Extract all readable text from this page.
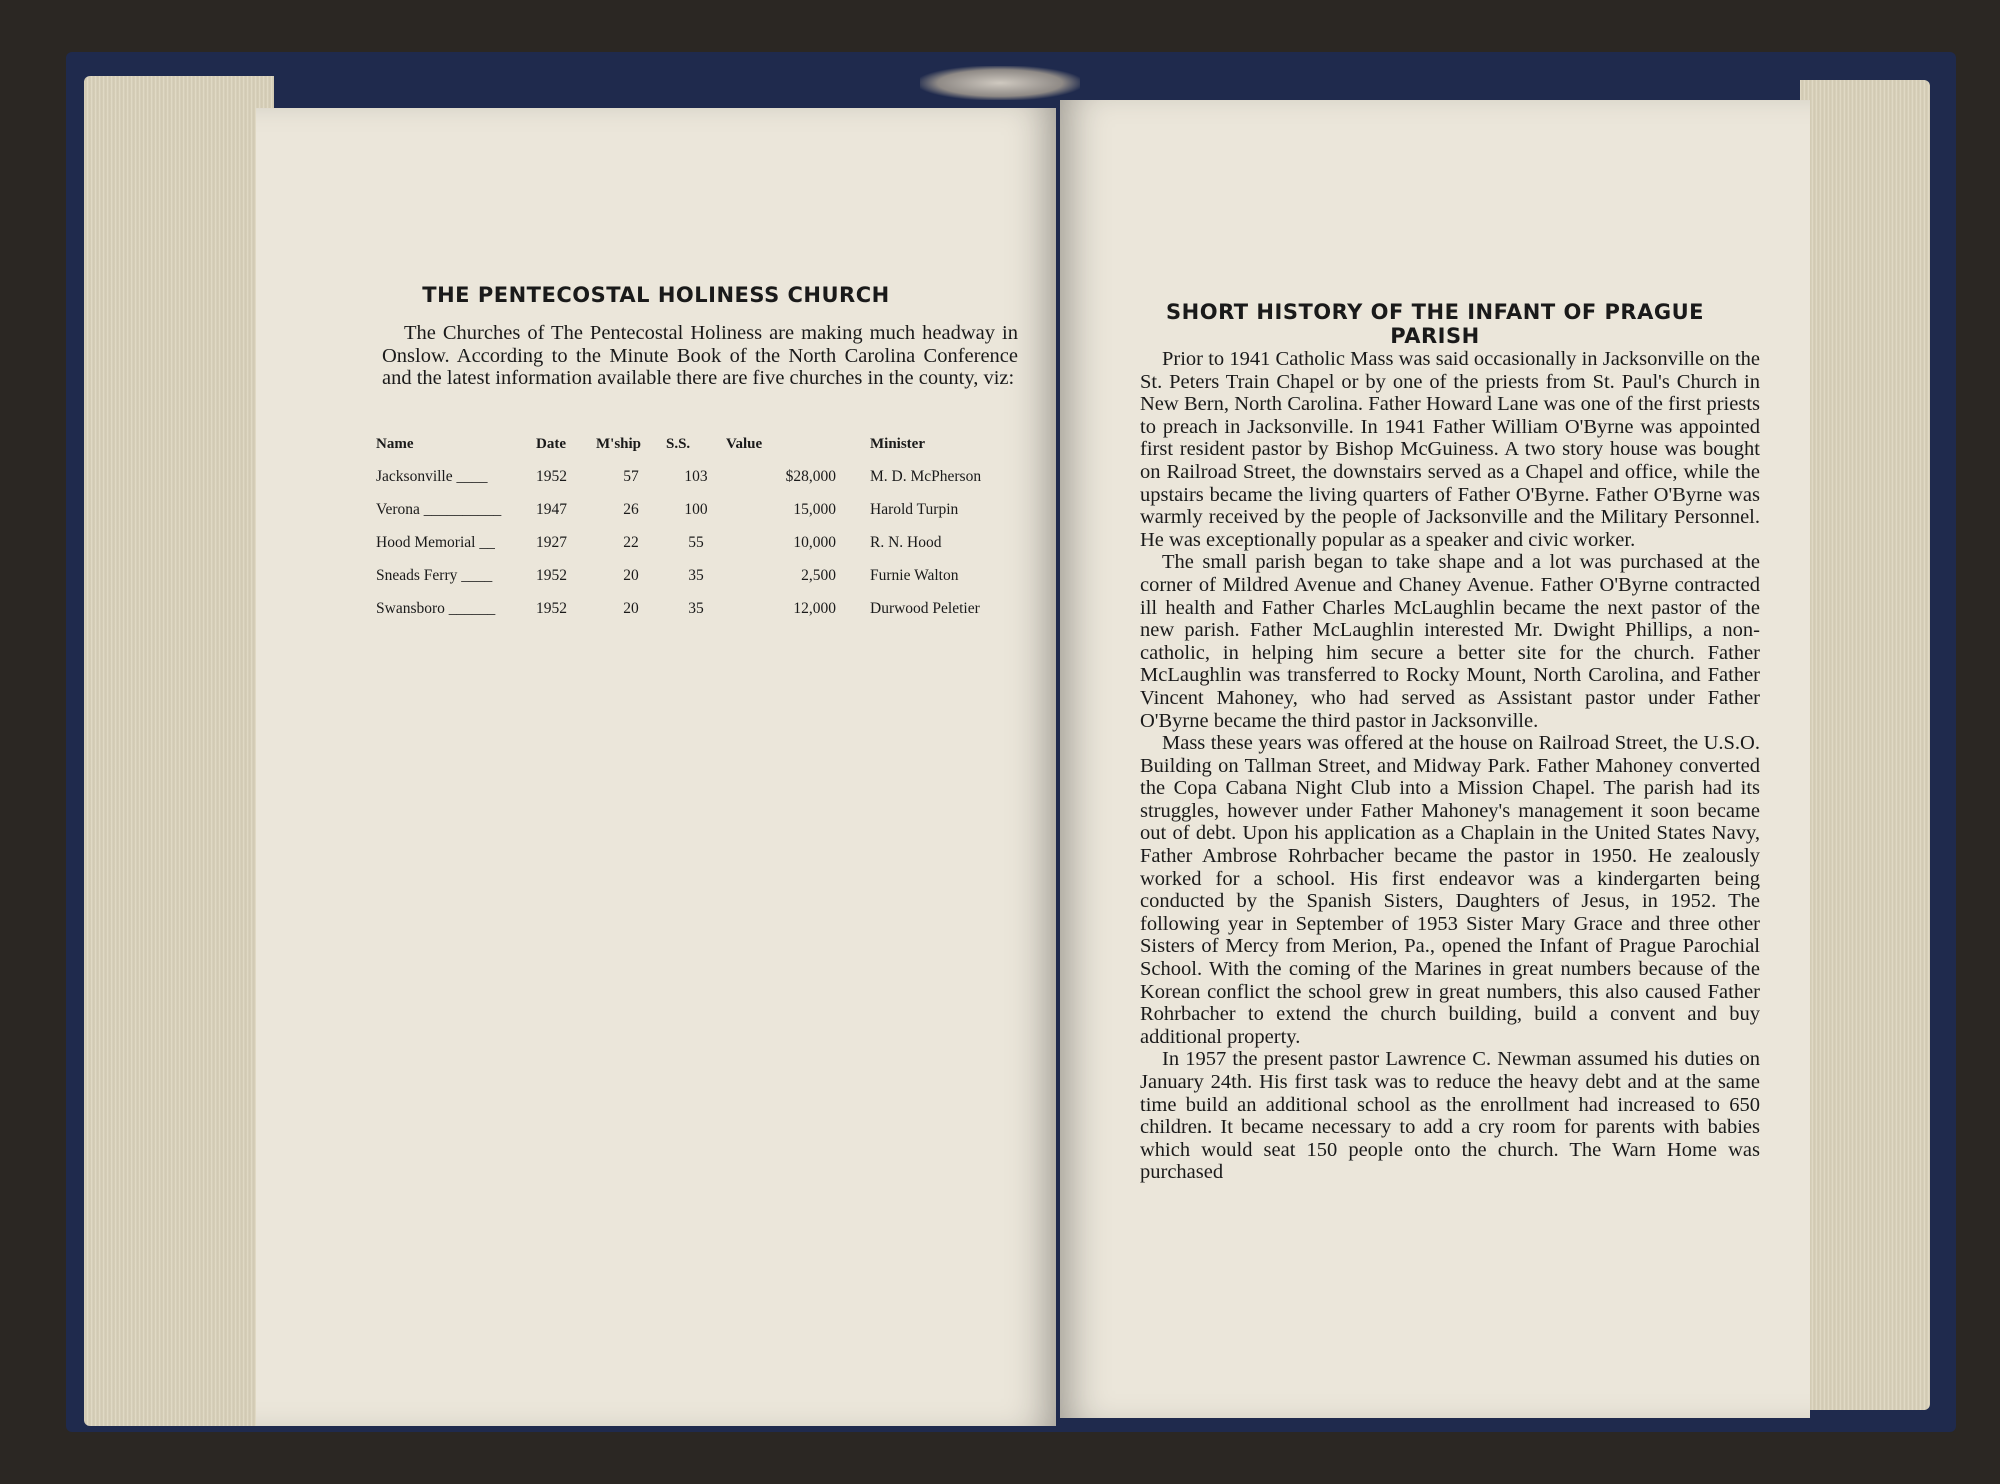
THE PENTECOSTAL HOLINESS CHURCH

The Churches of The Pentecostal Holiness are making much headway in Onslow. According to the Minute Book of the North Carolina Conference and the latest information available there are five churches in the county, viz:

Name	Date	M'ship	S.S.	Value	Minister
Jacksonville ____	1952	57	103	$28,000	M. D. McPherson
Verona __________	1947	26	100	15,000	Harold Turpin
Hood Memorial __	1927	22	55	10,000	R. N. Hood
Sneads Ferry ____	1952	20	35	2,500	Furnie Walton
Swansboro ______	1952	20	35	12,000	Durwood Peletier
SHORT HISTORY OF THE INFANT OF PRAGUE PARISH

Prior to 1941 Catholic Mass was said occasionally in Jacksonville on the St. Peters Train Chapel or by one of the priests from St. Paul's Church in New Bern, North Carolina. Father Howard Lane was one of the first priests to preach in Jacksonville. In 1941 Father William O'Byrne was appointed first resident pastor by Bishop McGuiness. A two story house was bought on Railroad Street, the downstairs served as a Chapel and office, while the upstairs became the living quarters of Father O'Byrne. Father O'Byrne was warmly received by the people of Jacksonville and the Military Personnel. He was exceptionally popular as a speaker and civic worker.

The small parish began to take shape and a lot was purchased at the corner of Mildred Avenue and Chaney Avenue. Father O'Byrne contracted ill health and Father Charles McLaughlin became the next pastor of the new parish. Father McLaughlin interested Mr. Dwight Phillips, a non-catholic, in helping him secure a better site for the church. Father McLaughlin was transferred to Rocky Mount, North Carolina, and Father Vincent Mahoney, who had served as Assistant pastor under Father O'Byrne became the third pastor in Jacksonville.

Mass these years was offered at the house on Railroad Street, the U.S.O. Building on Tallman Street, and Midway Park. Father Mahoney converted the Copa Cabana Night Club into a Mission Chapel. The parish had its struggles, however under Father Mahoney's management it soon became out of debt. Upon his application as a Chaplain in the United States Navy, Father Ambrose Rohrbacher became the pastor in 1950. He zealously worked for a school. His first endeavor was a kindergarten being conducted by the Spanish Sisters, Daughters of Jesus, in 1952. The following year in September of 1953 Sister Mary Grace and three other Sisters of Mercy from Merion, Pa., opened the Infant of Prague Parochial School. With the coming of the Marines in great numbers because of the Korean conflict the school grew in great numbers, this also caused Father Rohrbacher to extend the church building, build a convent and buy additional property.

In 1957 the present pastor Lawrence C. Newman assumed his duties on January 24th. His first task was to reduce the heavy debt and at the same time build an additional school as the enrollment had increased to 650 children. It became necessary to add a cry room for parents with babies which would seat 150 people onto the church. The Warn Home was purchased
